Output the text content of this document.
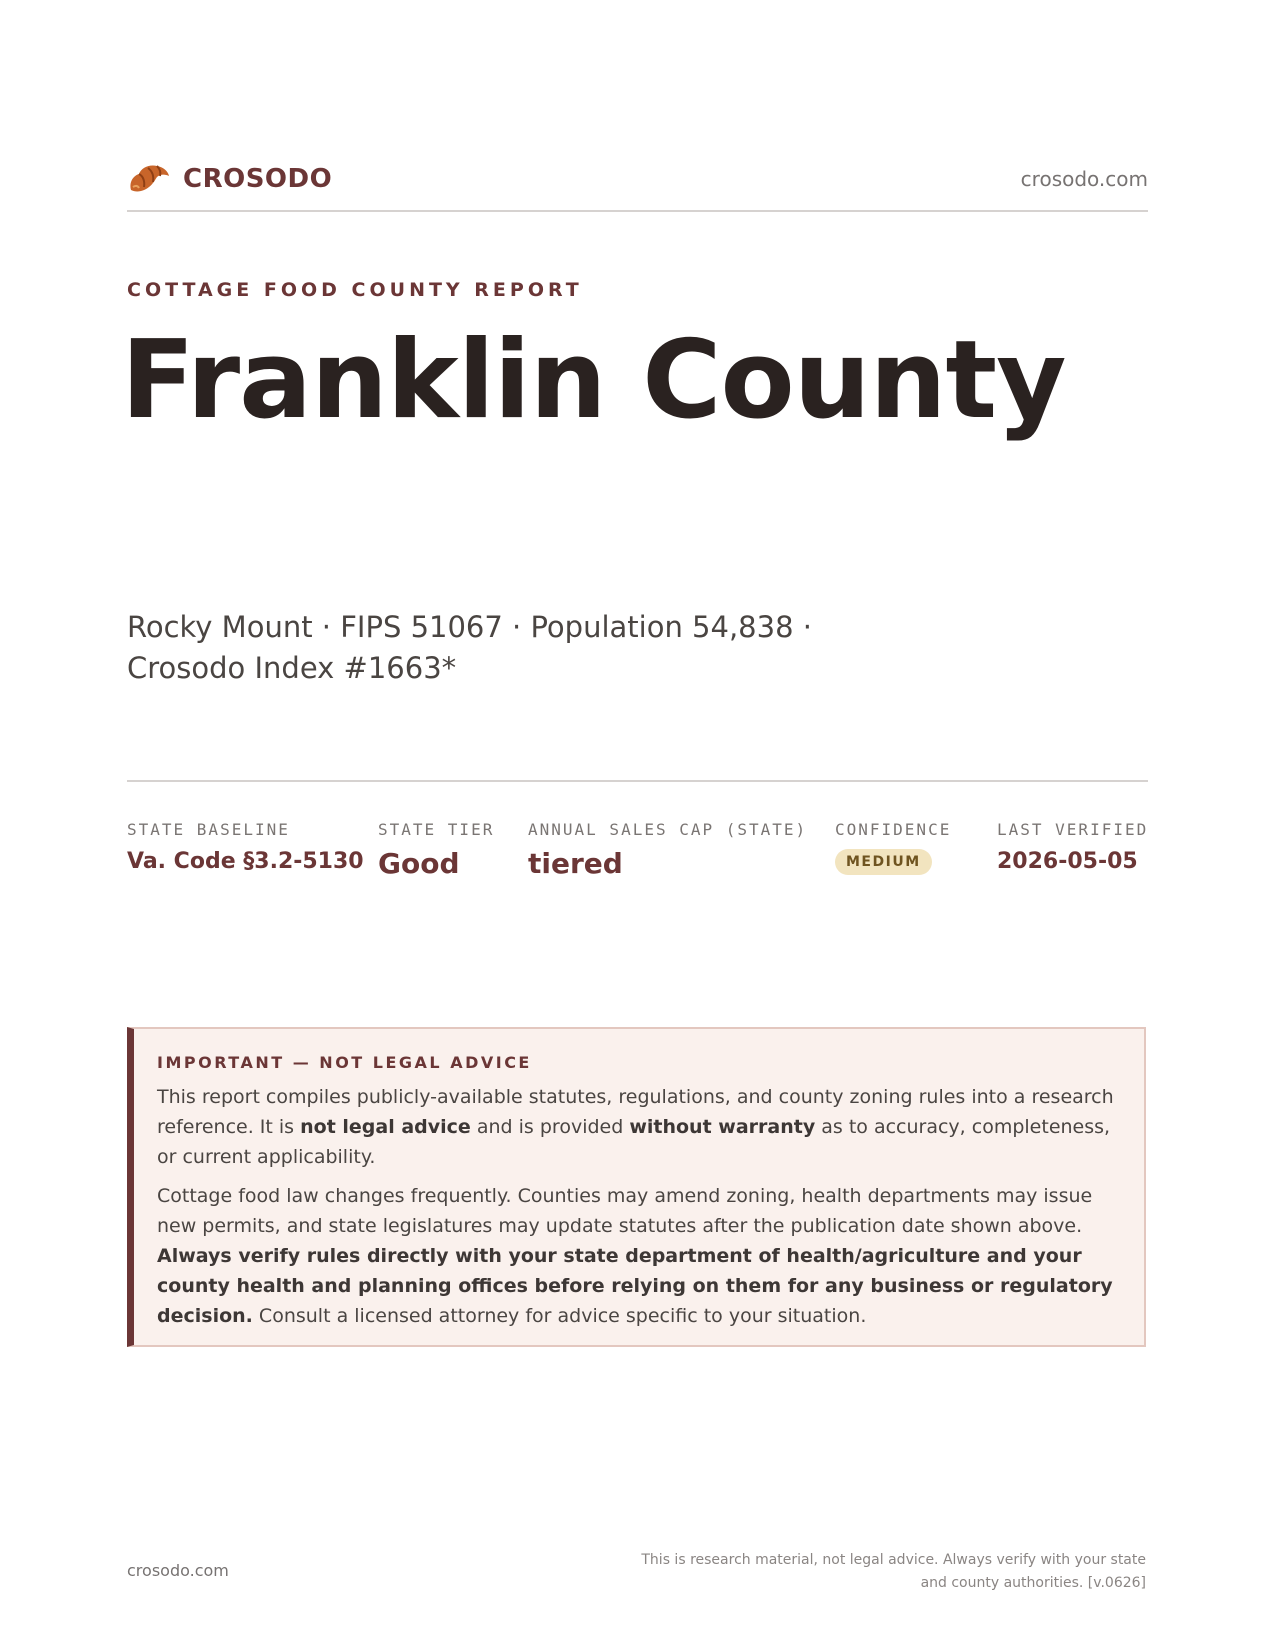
CROSODO	crosodo.com
COTTAGE FOOD COUNTY REPORT
Franklin County
Rocky Mount · FIPS 51067 · Population 54,838 · Crosodo Index #1663*
STATE BASELINE
Va. Code §3.2-5130
STATE TIER
Good
ANNUAL SALES CAP (STATE)
tiered
CONFIDENCE
MEDIUM
LAST VERIFIED
2026-05-05
IMPORTANT — NOT LEGAL ADVICE

This report compiles publicly-available statutes, regulations, and county zoning rules into a research reference. It is not legal advice and is provided without warranty as to accuracy, completeness, or current applicability.

Cottage food law changes frequently. Counties may amend zoning, health departments may issue new permits, and state legislatures may update statutes after the publication date shown above. Always verify rules directly with your state department of health/agriculture and your county health and planning offices before relying on them for any business or regulatory decision. Consult a licensed attorney for advice specific to your situation.

crosodo.com
This is research material, not legal advice. Always verify with your state
and county authorities. [v.0626]
